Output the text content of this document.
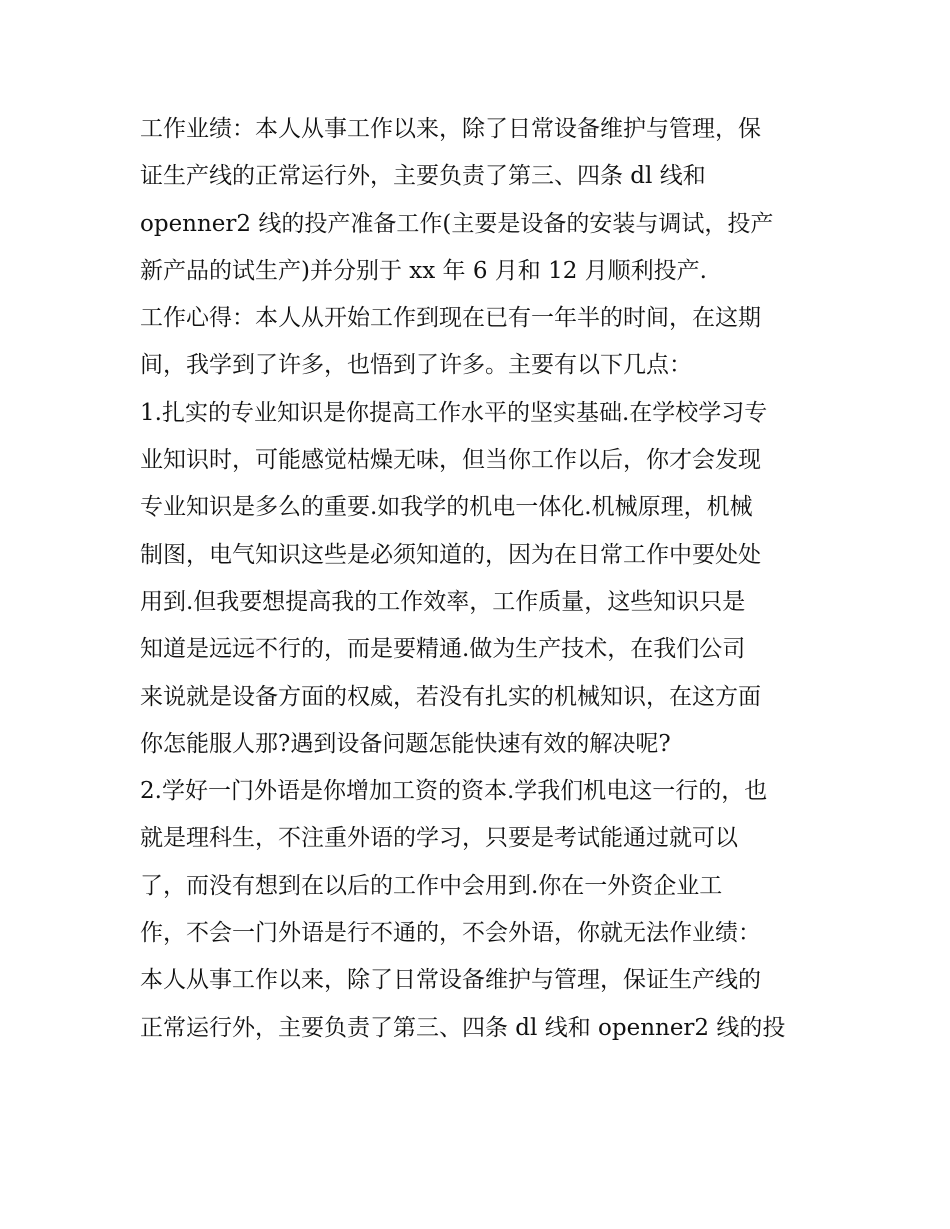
工作业绩：本人从事工作以来，除了日常设备维护与管理，保
证生产线的正常运行外，主要负责了第三、四条 dl 线和
openner2 线的投产准备工作(主要是设备的安装与调试，投产
新产品的试生产)并分别于 xx 年 6 月和 12 月顺利投产.
工作心得：本人从开始工作到现在已有一年半的时间，在这期
间，我学到了许多，也悟到了许多。主要有以下几点：
1.扎实的专业知识是你提高工作水平的坚实基础.在学校学习专
业知识时，可能感觉枯燥无味，但当你工作以后，你才会发现
专业知识是多么的重要.如我学的机电一体化.机械原理，机械
制图，电气知识这些是必须知道的，因为在日常工作中要处处
用到.但我要想提高我的工作效率，工作质量，这些知识只是
知道是远远不行的，而是要精通.做为生产技术，在我们公司
来说就是设备方面的权威，若没有扎实的机械知识，在这方面
你怎能服人那?遇到设备问题怎能快速有效的解决呢?
2.学好一门外语是你增加工资的资本.学我们机电这一行的，也
就是理科生，不注重外语的学习，只要是考试能通过就可以
了，而没有想到在以后的工作中会用到.你在一外资企业工
作，不会一门外语是行不通的，不会外语，你就无法作业绩：
本人从事工作以来，除了日常设备维护与管理，保证生产线的
正常运行外，主要负责了第三、四条 dl 线和 openner2 线的投
